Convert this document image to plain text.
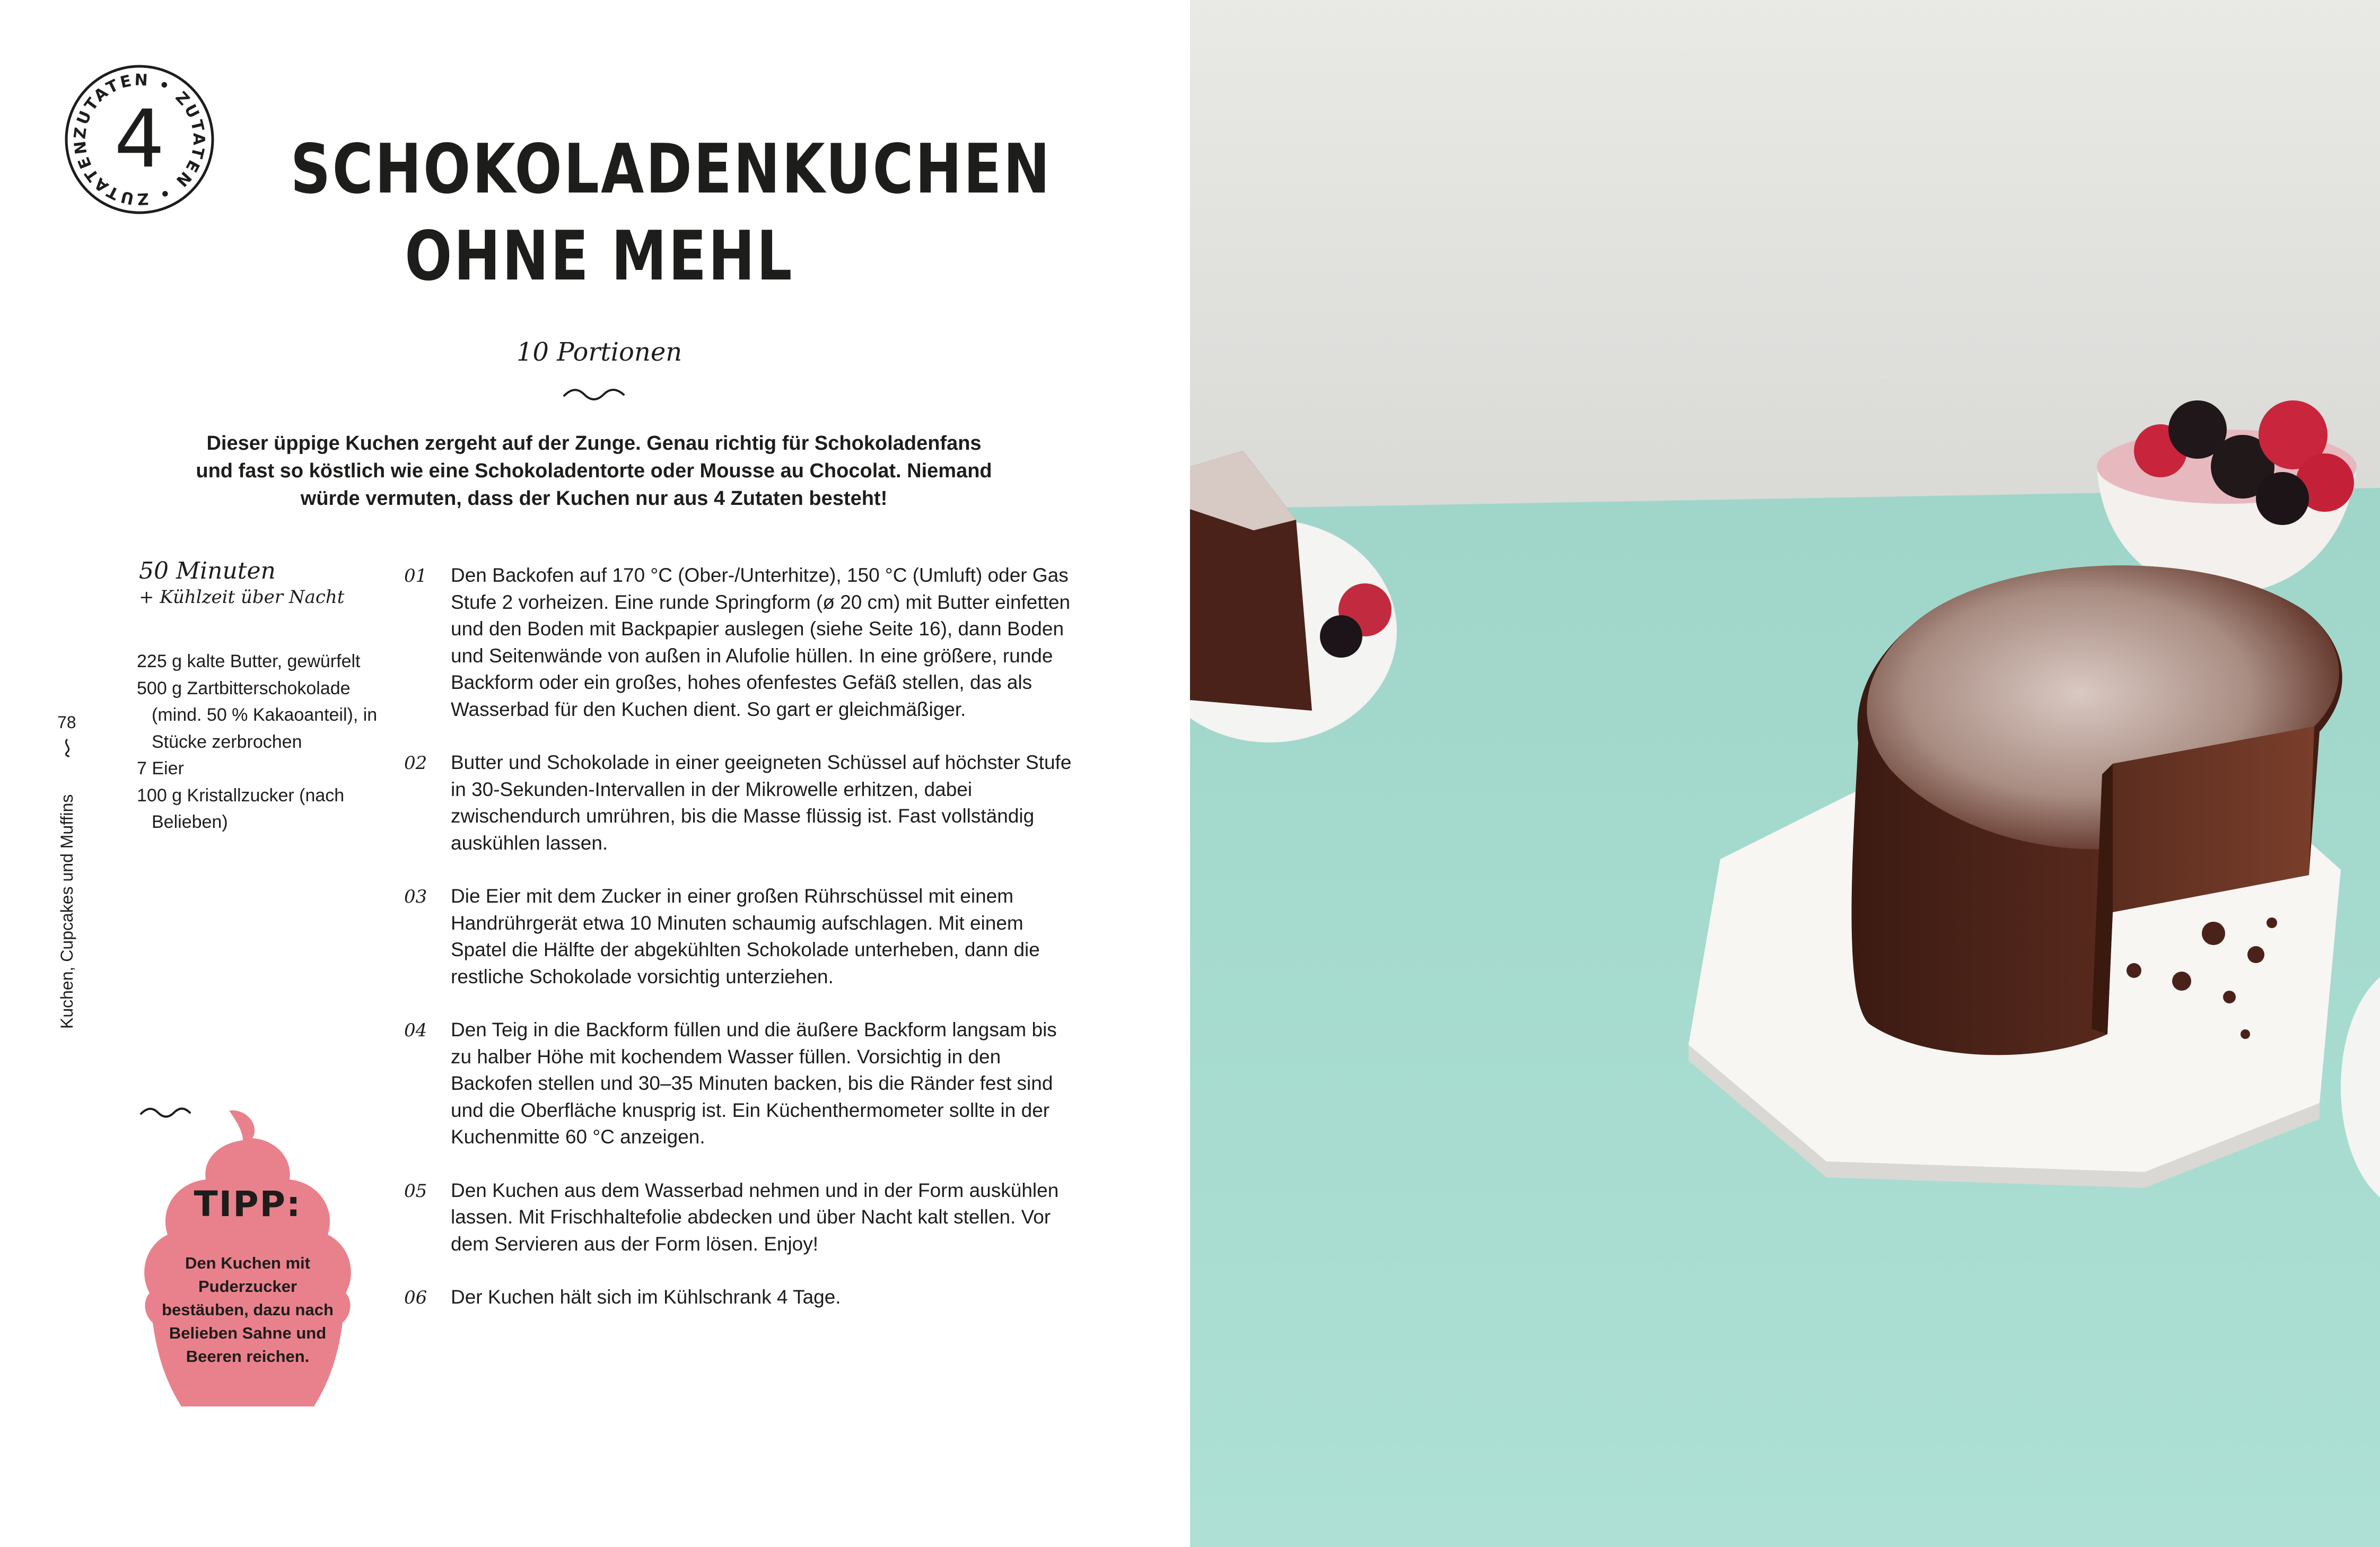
ZUTATEN • ZUTATEN • ZUTATEN 4	SCHOKOLADENKUCHEN
OHNE MEHL
10 Portionen

Dieser üppige Kuchen zergeht auf der Zunge. Genau richtig für Schokoladenfans

und fast so köstlich wie eine Schokoladentorte oder Mousse au Chocolat. Niemand

würde vermuten, dass der Kuchen nur aus 4 Zutaten besteht!

78
Kuchen, Cupcakes und Muffins
50 Minuten
+ Kühlzeit über Nacht
225 g kalte Butter, gewürfelt
500 g Zartbitterschokolade (mind. 50 % Kakaoanteil), in Stücke zerbrochen
7 Eier
100 g Kristallzucker (nach Belieben)
01 Den Backofen auf 170 °C (Ober-/Unterhitze), 150 °C (Umluft) oder Gas Stufe 2 vorheizen. Eine runde Springform (ø 20 cm) mit Butter einfetten und den Boden mit Backpapier auslegen (siehe Seite 16), dann Boden und Seitenwände von außen in Alufolie hüllen. In eine größere, runde Backform oder ein großes, hohes ofenfestes Gefäß stellen, das als Wasserbad für den Kuchen dient. So gart er gleichmäßiger.

02 Butter und Schokolade in einer geeigneten Schüssel auf höchster Stufe in 30-Sekunden-Intervallen in der Mikrowelle erhitzen, dabei zwischendurch umrühren, bis die Masse flüssig ist. Fast vollständig auskühlen lassen.

03 Die Eier mit dem Zucker in einer großen Rührschüssel mit einem Handrührgerät etwa 10 Minuten schaumig aufschlagen. Mit einem Spatel die Hälfte der abgekühlten Schokolade unterheben, dann die restliche Schokolade vorsichtig unterziehen.

04 Den Teig in die Backform füllen und die äußere Backform langsam bis zu halber Höhe mit kochendem Wasser füllen. Vorsichtig in den Backofen stellen und 30–35 Minuten backen, bis die Ränder fest sind und die Oberfläche knusprig ist. Ein Küchenthermometer sollte in der Kuchenmitte 60 °C anzeigen.

05 Den Kuchen aus dem Wasserbad nehmen und in der Form auskühlen lassen. Mit Frischhaltefolie abdecken und über Nacht kalt stellen. Vor dem Servieren aus der Form lösen. Enjoy!

06 Der Kuchen hält sich im Kühlschrank 4 Tage.

TIPP:
Den Kuchen mit Puderzucker bestäuben, dazu nach Belieben Sahne und Beeren reichen.
